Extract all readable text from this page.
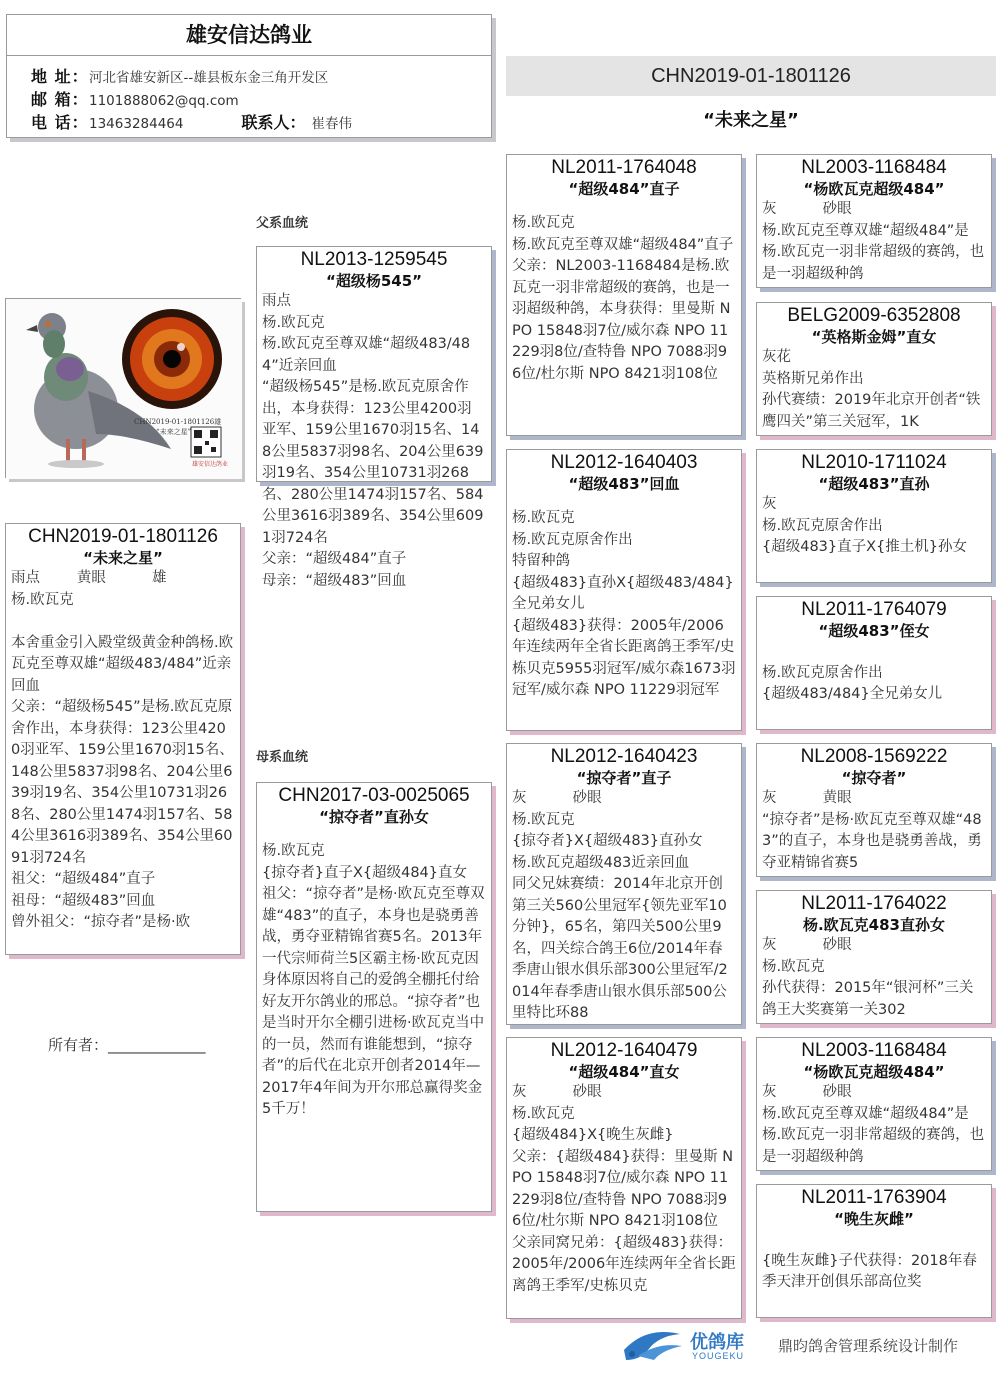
雄安信达鸽业
地 址：河北省雄安新区--雄县板东金三角开发区
邮 箱：1101888062@qq.com
电 话：13463284464	联系人： 崔春伟
CHN2019-01-1801126
“未来之星”
父系血统
母系血统
CHN2019-01-1801126雄
“未来之星”
雄安信达鸽业
CHN2019-01-1801126
“未来之星”
雨点        黄眼          雄
杨.欧瓦克

本舍重金引入殿堂级黄金种鸽杨.欧瓦克至尊双雄“超级483/484”近亲回血
父亲：“超级杨545”是杨.欧瓦克原舍作出，本身获得：123公里4200羽亚军、159公里1670羽15名、148公里5837羽98名、204公里639羽19名、354公里10731羽268名、280公里1474羽157名、584公里3616羽389名、354公里6091羽724名
祖父：“超级484”直子
祖母：“超级483”回血
曾外祖父：“掠夺者”是杨·欧
所有者：_____________
NL2013-1259545
“超级杨545”
雨点
杨.欧瓦克
杨.欧瓦克至尊双雄“超级483/484”近亲回血
“超级杨545”是杨.欧瓦克原舍作出，本身获得：123公里4200羽亚军、159公里1670羽15名、148公里5837羽98名、204公里639羽19名、354公里10731羽268名、280公里1474羽157名、584公里3616羽389名、354公里6091羽724名
父亲：“超级484”直子
母亲：“超级483”回血
CHN2017-03-0025065
“掠夺者”直孙女
杨.欧瓦克
{掠夺者}直子X{超级484}直女
祖父：“掠夺者”是杨·欧瓦克至尊双雄“483”的直子，本身也是骁勇善战，勇夺亚精锦省赛5名。2013年一代宗师荷兰5区霸主杨·欧瓦克因身体原因将自己的爱鸽全棚托付给好友开尔鸽业的邢总。“掠夺者”也是当时开尔全棚引进杨·欧瓦克当中的一员，然而有谁能想到，“掠夺者”的后代在北京开创者2014年—2017年4年间为开尔邢总赢得奖金5千万！
NL2011-1764048
“超级484”直子
杨.欧瓦克
杨.欧瓦克至尊双雄“超级484”直子
父亲：NL2003-1168484是杨.欧瓦克一羽非常超级的赛鸽，也是一羽超级种鸽，本身获得：里曼斯 NPO 15848羽7位/威尔森 NPO 11229羽8位/查特鲁 NPO 7088羽96位/杜尔斯 NPO 8421羽108位
NL2012-1640403
“超级483”回血
杨.欧瓦克
杨.欧瓦克原舍作出
特留种鸽
{超级483}直孙X{超级483/484}全兄弟女儿
{超级483}获得：2005年/2006年连续两年全省长距离鸽王季军/史栋贝克5955羽冠军/威尔森1673羽冠军/威尔森 NPO 11229羽冠军
NL2012-1640423
“掠夺者”直子
灰          砂眼
杨.欧瓦克
{掠夺者}X{超级483}直孙女
杨.欧瓦克超级483近亲回血
同父兄妹赛绩：2014年北京开创第三关560公里冠军{领先亚军10分钟}，65名，第四关500公里9名，四关综合鸽王6位/2014年春季唐山银水俱乐部300公里冠军/2014年春季唐山银水俱乐部500公里特比环88
NL2012-1640479
“超级484”直女
灰          砂眼
杨.欧瓦克
{超级484}X{晚生灰雌}
父亲：{超级484}获得：里曼斯 NPO 15848羽7位/威尔森 NPO 11229羽8位/查特鲁 NPO 7088羽96位/杜尔斯 NPO 8421羽108位
父亲同窝兄弟：{超级483}获得：2005年/2006年连续两年全省长距离鸽王季军/史栋贝克
NL2003-1168484
“杨欧瓦克超级484”
灰          砂眼
杨.欧瓦克至尊双雄“超级484”是杨.欧瓦克一羽非常超级的赛鸽，也是一羽超级种鸽
BELG2009-6352808
“英格斯金姆”直女
灰花
英格斯兄弟作出
孙代赛绩：2019年北京开创者“铁鹰四关”第三关冠军，1K
NL2010-1711024
“超级483”直孙
灰
杨.欧瓦克原舍作出
{超级483}直子X{推土机}孙女
NL2011-1764079
“超级483”侄女

杨.欧瓦克原舍作出
{超级483/484}全兄弟女儿
NL2008-1569222
“掠夺者”
灰          黄眼
“掠夺者”是杨·欧瓦克至尊双雄“483”的直子，本身也是骁勇善战，勇夺亚精锦省赛5
NL2011-1764022
杨.欧瓦克483直孙女
灰          砂眼
杨.欧瓦克
孙代获得：2015年“银河杯”三关鸽王大奖赛第一关302
NL2003-1168484
“杨欧瓦克超级484”
灰          砂眼
杨.欧瓦克至尊双雄“超级484”是杨.欧瓦克一羽非常超级的赛鸽，也是一羽超级种鸽
NL2011-1763904
“晚生灰雌”

{晚生灰雌}子代获得：2018年春季天津开创俱乐部高位奖
优鸽库
YOUGEKU
鼎昀鸽舍管理系统设计制作
